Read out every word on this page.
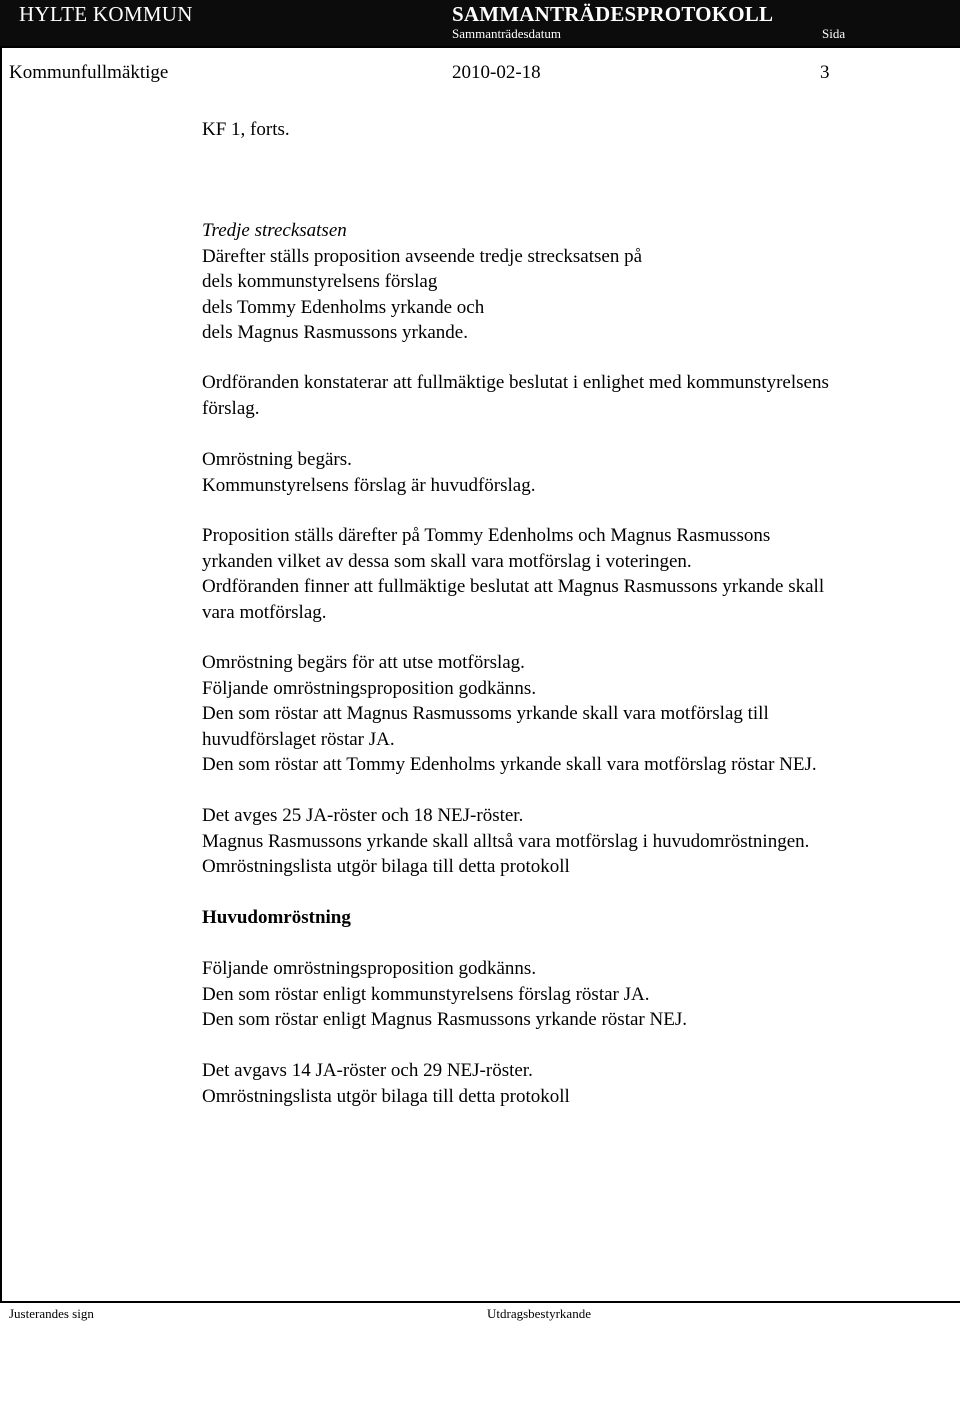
HYLTE KOMMUN	SAMMANTRÄDESPROTOKOLL
Sammanträdesdatum	Sida
Kommunfullmäktige	2010-02-18	3
KF 1, forts.
Tredje strecksatsen
Därefter ställs proposition avseende tredje strecksatsen på
dels kommunstyrelsens förslag
dels Tommy Edenholms yrkande och
dels Magnus Rasmussons yrkande.
Ordföranden konstaterar att fullmäktige beslutat i enlighet med kommunstyrelsens
förslag.
Omröstning begärs.
Kommunstyrelsens förslag är huvudförslag.
Proposition ställs därefter på Tommy Edenholms och Magnus Rasmussons
yrkanden vilket av dessa som skall vara motförslag i voteringen.
Ordföranden finner att fullmäktige beslutat att Magnus Rasmussons yrkande skall
vara motförslag.
Omröstning begärs för att utse motförslag.
Följande omröstningsproposition godkänns.
Den som röstar att Magnus Rasmussoms yrkande skall vara motförslag till
huvudförslaget röstar JA.
Den som röstar att Tommy Edenholms yrkande skall vara motförslag röstar NEJ.
Det avges 25 JA-röster och 18 NEJ-röster.
Magnus Rasmussons yrkande skall alltså vara motförslag i huvudomröstningen.
Omröstningslista utgör bilaga till detta protokoll
Huvudomröstning
Följande omröstningsproposition godkänns.
Den som röstar enligt kommunstyrelsens förslag röstar JA.
Den som röstar enligt Magnus Rasmussons yrkande röstar NEJ.
Det avgavs 14 JA-röster och 29 NEJ-röster.
Omröstningslista utgör bilaga till detta protokoll
Justerandes sign	Utdragsbestyrkande
